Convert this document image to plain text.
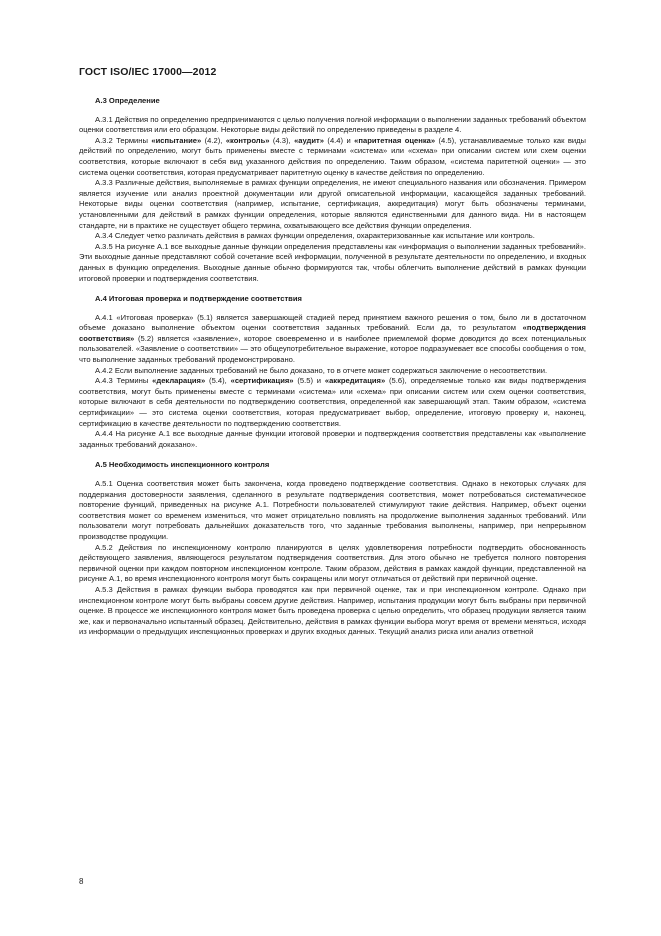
ГОСТ ISO/IEC 17000—2012
А.3 Определение
А.3.1 Действия по определению предпринимаются с целью получения полной информации о выполнении заданных требований объектом оценки соответствия или его образцом. Некоторые виды действий по определению приведены в разделе 4.
А.3.2 Термины «испытание» (4.2), «контроль» (4.3), «аудит» (4.4) и «паритетная оценка» (4.5), устанавливаемые только как виды действий по определению, могут быть применены вместе с терминами «система» или «схема» при описании систем или схем оценки соответствия, которые включают в себя вид указанного действия по определению. Таким образом, «система паритетной оценки» — это система оценки соответствия, которая предусматривает паритетную оценку в качестве действия по определению.
А.3.3 Различные действия, выполняемые в рамках функции определения, не имеют специального названия или обозначения. Примером является изучение или анализ проектной документации или другой описательной информации, касающейся заданных требований. Некоторые виды оценки соответствия (например, испытание, сертификация, аккредитация) могут быть обозначены терминами, установленными для действий в рамках функции определения, которые являются единственными для данного вида. Ни в настоящем стандарте, ни в практике не существует общего термина, охватывающего все действия функции определения.
А.3.4 Следует четко различать действия в рамках функции определения, охарактеризованные как испытание или контроль.
А.3.5 На рисунке А.1 все выходные данные функции определения представлены как «информация о выполнении заданных требований». Эти выходные данные представляют собой сочетание всей информации, полученной в результате деятельности по определению, и входных данных в функцию определения. Выходные данные обычно формируются так, чтобы облегчить выполнение действий в рамках функции итоговой проверки и подтверждения соответствия.
А.4 Итоговая проверка и подтверждение соответствия
А.4.1 «Итоговая проверка» (5.1) является завершающей стадией перед принятием важного решения о том, было ли в достаточном объеме доказано выполнение объектом оценки соответствия заданных требований. Если да, то результатом «подтверждения соответствия» (5.2) является «заявление», которое своевременно и в наиболее приемлемой форме доводится до всех потенциальных пользователей. «Заявление о соответствии» — это общеупотребительное выражение, которое подразумевает все способы сообщения о том, что выполнение заданных требований продемонстрировано.
А.4.2 Если выполнение заданных требований не было доказано, то в отчете может содержаться заключение о несоответствии.
А.4.3 Термины «декларация» (5.4), «сертификация» (5.5) и «аккредитация» (5.6), определяемые только как виды подтверждения соответствия, могут быть применены вместе с терминами «система» или «схема» при описании систем или схем оценки соответствия, которые включают в себя деятельности по подтверждению соответствия, определенной как завершающий этап. Таким образом, «система сертификации» — это система оценки соответствия, которая предусматривает выбор, определение, итоговую проверку и, наконец, сертификацию в качестве деятельности по подтверждению соответствия.
А.4.4 На рисунке А.1 все выходные данные функции итоговой проверки и подтверждения соответствия представлены как «выполнение заданных требований доказано».
А.5 Необходимость инспекционного контроля
А.5.1 Оценка соответствия может быть закончена, когда проведено подтверждение соответствия. Однако в некоторых случаях для поддержания достоверности заявления, сделанного в результате подтверждения соответствия, может потребоваться систематическое повторение функций, приведенных на рисунке А.1. Потребности пользователей стимулируют такие действия. Например, объект оценки соответствия может со временем измениться, что может отрицательно повлиять на продолжение выполнения заданных требований. Или пользователи могут потребовать дальнейших доказательств того, что заданные требования выполнены, например, при непрерывном производстве продукции.
А.5.2 Действия по инспекционному контролю планируются в целях удовлетворения потребности подтвердить обоснованность действующего заявления, являющегося результатом подтверждения соответствия. Для этого обычно не требуется полного повторения первичной оценки при каждом повторном инспекционном контроле. Таким образом, действия в рамках каждой функции, представленной на рисунке А.1, во время инспекционного контроля могут быть сокращены или могут отличаться от действий при первичной оценке.
А.5.3 Действия в рамках функции выбора проводятся как при первичной оценке, так и при инспекционном контроле. Однако при инспекционном контроле могут быть выбраны совсем другие действия. Например, испытания продукции могут быть выбраны при первичной оценке. В процессе же инспекционного контроля может быть проведена проверка с целью определить, что образец продукции является таким же, как и первоначально испытанный образец. Действительно, действия в рамках функции выбора могут время от времени меняться, исходя из информации о предыдущих инспекционных проверках и других входных данных. Текущий анализ риска или анализ ответной
8
